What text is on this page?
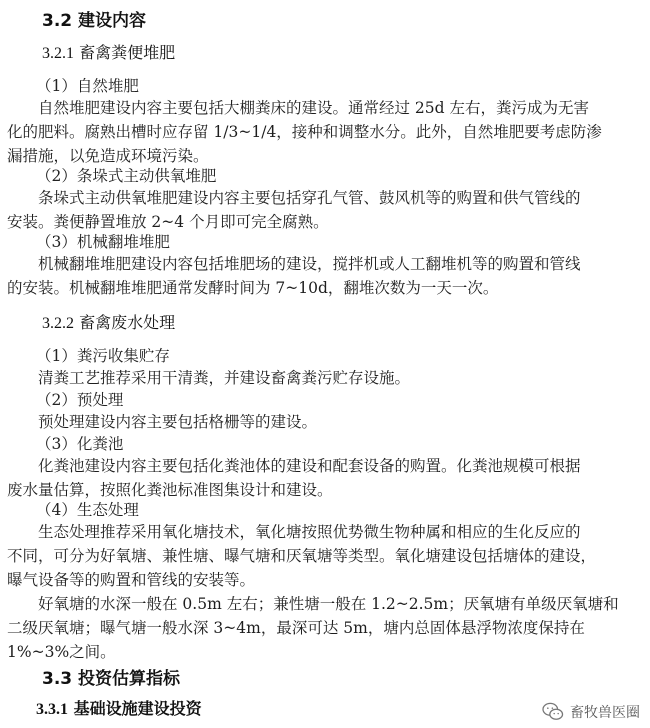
3.2 建设内容
3.2.1 畜禽粪便堆肥
（1）自然堆肥
自然堆肥建设内容主要包括大棚粪床的建设。通常经过 25d 左右，粪污成为无害
化的肥料。腐熟出槽时应存留 1/3~1/4，接种和调整水分。此外，自然堆肥要考虑防渗
漏措施，以免造成环境污染。
（2）条垛式主动供氧堆肥
条垛式主动供氧堆肥建设内容主要包括穿孔气管、鼓风机等的购置和供气管线的
安装。粪便静置堆放 2~4 个月即可完全腐熟。
（3）机械翻堆堆肥
机械翻堆堆肥建设内容包括堆肥场的建设，搅拌机或人工翻堆机等的购置和管线
的安装。机械翻堆堆肥通常发酵时间为 7~10d，翻堆次数为一天一次。
3.2.2 畜禽废水处理
（1）粪污收集贮存
清粪工艺推荐采用干清粪，并建设畜禽粪污贮存设施。
（2）预处理
预处理建设内容主要包括格栅等的建设。
（3）化粪池
化粪池建设内容主要包括化粪池体的建设和配套设备的购置。化粪池规模可根据
废水量估算，按照化粪池标准图集设计和建设。
（4）生态处理
生态处理推荐采用氧化塘技术，氧化塘按照优势微生物种属和相应的生化反应的
不同，可分为好氧塘、兼性塘、曝气塘和厌氧塘等类型。氧化塘建设包括塘体的建设，
曝气设备等的购置和管线的安装等。
好氧塘的水深一般在 0.5m 左右；兼性塘一般在 1.2~2.5m；厌氧塘有单级厌氧塘和
二级厌氧塘；曝气塘一般水深 3~4m，最深可达 5m，塘内总固体悬浮物浓度保持在
1%~3%之间。
3.3 投资估算指标
3.3.1 基础设施建设投资	畜牧兽医圈
